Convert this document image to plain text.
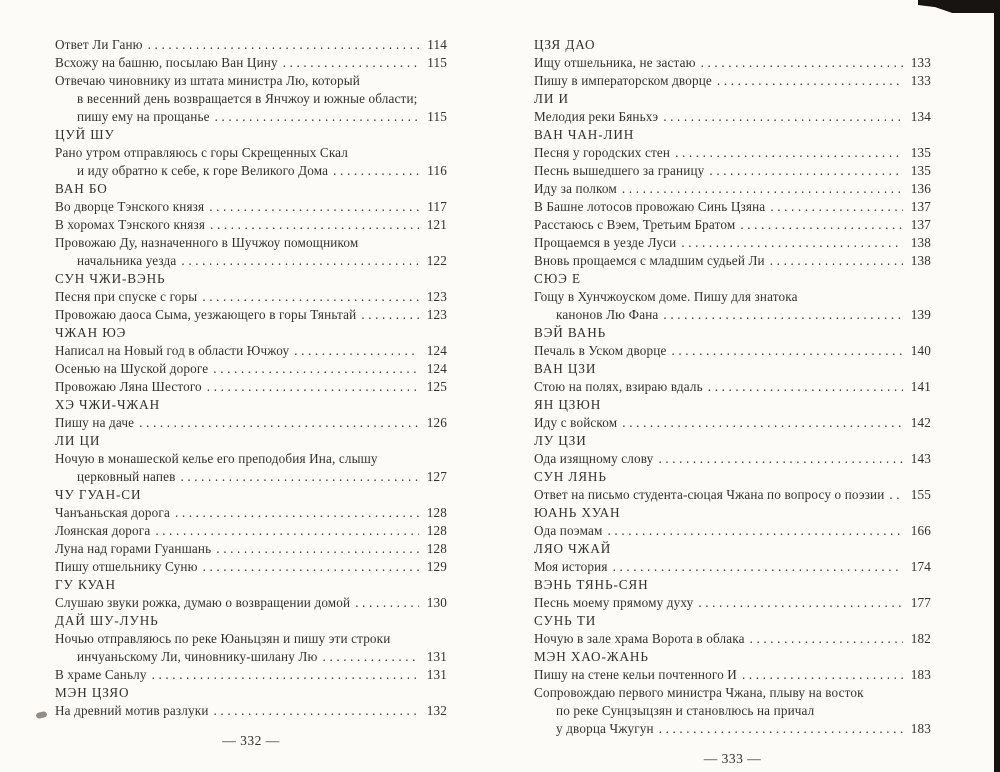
Ответ Ли Ганю . . .	114
Всхожу на башню, посылаю Ван Цину . . .	115
Отвечаю чиновнику из штата министра Лю, который
в весенний день возвращается в Янчжоу и южные области;
пишу ему на прощанье . . .	115
ЦУЙ ШУ
Рано утром отправляюсь с горы Скрещенных Скал
и иду обратно к себе, к горе Великого Дома . . .	116
ВАН БО
Во дворце Тэнского князя . . .	117
В хоромах Тэнского князя . . .	121
Провожаю Ду, назначенного в Шучжоу помощником
начальника уезда . . .	122
СУН ЧЖИ-ВЭНЬ
Песня при спуске с горы . . .	123
Провожаю даоса Сыма, уезжающего в горы Тяньтай . . .	123
ЧЖАН ЮЭ
Написал на Новый год в области Ючжоу . . .	124
Осенью на Шуской дороге . . .	124
Провожаю Ляна Шестого . . .	125
ХЭ ЧЖИ-ЧЖАН
Пишу на даче . . .	126
ЛИ ЦИ
Ночую в монашеской келье его преподобия Ина, слышу
церковный напев . . .	127
ЧУ ГУАН-СИ
Чанъаньская дорога . . .	128
Лоянская дорога . . .	128
Луна над горами Гуаншань . . .	128
Пишу отшельнику Суню . . .	129
ГУ КУАН
Слушаю звуки рожка, думаю о возвращении домой . . .	130
ДАЙ ШУ-ЛУНЬ
Ночью отправляюсь по реке Юаньцзян и пишу эти строки
инчуаньскому Ли, чиновнику-шилану Лю . . .	131
В храме Саньлу . . .	131
МЭН ЦЗЯО
На древний мотив разлуки . . .	132
— 332 —
ЦЗЯ ДАО
Ищу отшельника, не застаю . . .	133
Пишу в императорском дворце . . .	133
ЛИ И
Мелодия реки Бяньхэ . . .	134
ВАН ЧАН-ЛИН
Песня у городских стен . . .	135
Песнь вышедшего за границу . . .	135
Иду за полком . . .	136
В Башне лотосов провожаю Синь Цзяна . . .	137
Расстаюсь с Вэем, Третьим Братом . . .	137
Прощаемся в уезде Луси . . .	138
Вновь прощаемся с младшим судьей Ли . . .	138
СЮЭ Е
Гощу в Хунчжоуском доме. Пишу для знатока
канонов Лю Фана . . .	139
ВЭЙ ВАНЬ
Печаль в Уском дворце . . .	140
ВАН ЦЗИ
Стою на полях, взираю вдаль . . .	141
ЯН ЦЗЮН
Иду с войском . . .	142
ЛУ ЦЗИ
Ода изящному слову . . .	143
СУН ЛЯНЬ
Ответ на письмо студента-сюцая Чжана по вопросу о поэзии . . .	155
ЮАНЬ ХУАН
Ода поэмам . . .	166
ЛЯО ЧЖАЙ
Моя история . . .	174
ВЭНЬ ТЯНЬ-СЯН
Песнь моему прямому духу . . .	177
СУНЬ ТИ
Ночую в зале храма Ворота в облака . . .	182
МЭН ХАО-ЖАНЬ
Пишу на стене кельи почтенного И . . .	183
Сопровождаю первого министра Чжана, плыву на восток
по реке Сунцзыцзян и становлюсь на причал
у дворца Чжугун . . .	183
— 333 —
